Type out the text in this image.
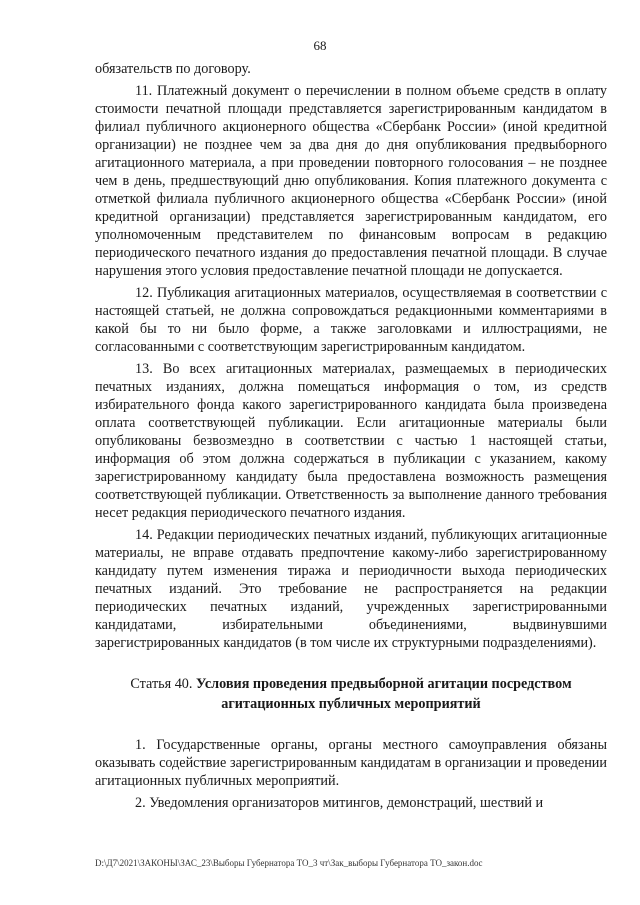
68

обязательств по договору.

11. Платежный документ о перечислении в полном объеме средств в оплату стоимости печатной площади представляется зарегистрированным кандидатом в филиал публичного акционерного общества «Сбербанк России» (иной кредитной организации) не позднее чем за два дня до дня опубликования предвыборного агитационного материала, а при проведении повторного голосования – не позднее чем в день, предшествующий дню опубликования. Копия платежного документа с отметкой филиала публичного акционерного общества «Сбербанк России» (иной кредитной организации) представляется зарегистрированным кандидатом, его уполномоченным представителем по финансовым вопросам в редакцию периодического печатного издания до предоставления печатной площади. В случае нарушения этого условия предоставление печатной площади не допускается.

12. Публикация агитационных материалов, осуществляемая в соответствии с настоящей статьей, не должна сопровождаться редакционными комментариями в какой бы то ни было форме, а также заголовками и иллюстрациями, не согласованными с соответствующим зарегистрированным кандидатом.

13. Во всех агитационных материалах, размещаемых в периодических печатных изданиях, должна помещаться информация о том, из средств избирательного фонда какого зарегистрированного кандидата была произведена оплата соответствующей публикации. Если агитационные материалы были опубликованы безвозмездно в соответствии с частью 1 настоящей статьи, информация об этом должна содержаться в публикации с указанием, какому зарегистрированному кандидату была предоставлена возможность размещения соответствующей публикации. Ответственность за выполнение данного требования несет редакция периодического печатного издания.

14. Редакции периодических печатных изданий, публикующих агитационные материалы, не вправе отдавать предпочтение какому-либо зарегистрированному кандидату путем изменения тиража и периодичности выхода периодических печатных изданий. Это требование не распространяется на редакции периодических печатных изданий, учрежденных зарегистрированными кандидатами, избирательными объединениями, выдвинувшими зарегистрированных кандидатов (в том числе их структурными подразделениями).

Статья 40. Условия проведения предвыборной агитации посредством агитационных публичных мероприятий

1. Государственные органы, органы местного самоуправления обязаны оказывать содействие зарегистрированным кандидатам в организации и проведении агитационных публичных мероприятий.

2. Уведомления организаторов митингов, демонстраций, шествий и

D:\Д7\2021\ЗАКОНЫ\ЗАС_23\Выборы Губернатора ТО_3 чт\Зак_выборы Губернатора ТО_закон.doc
